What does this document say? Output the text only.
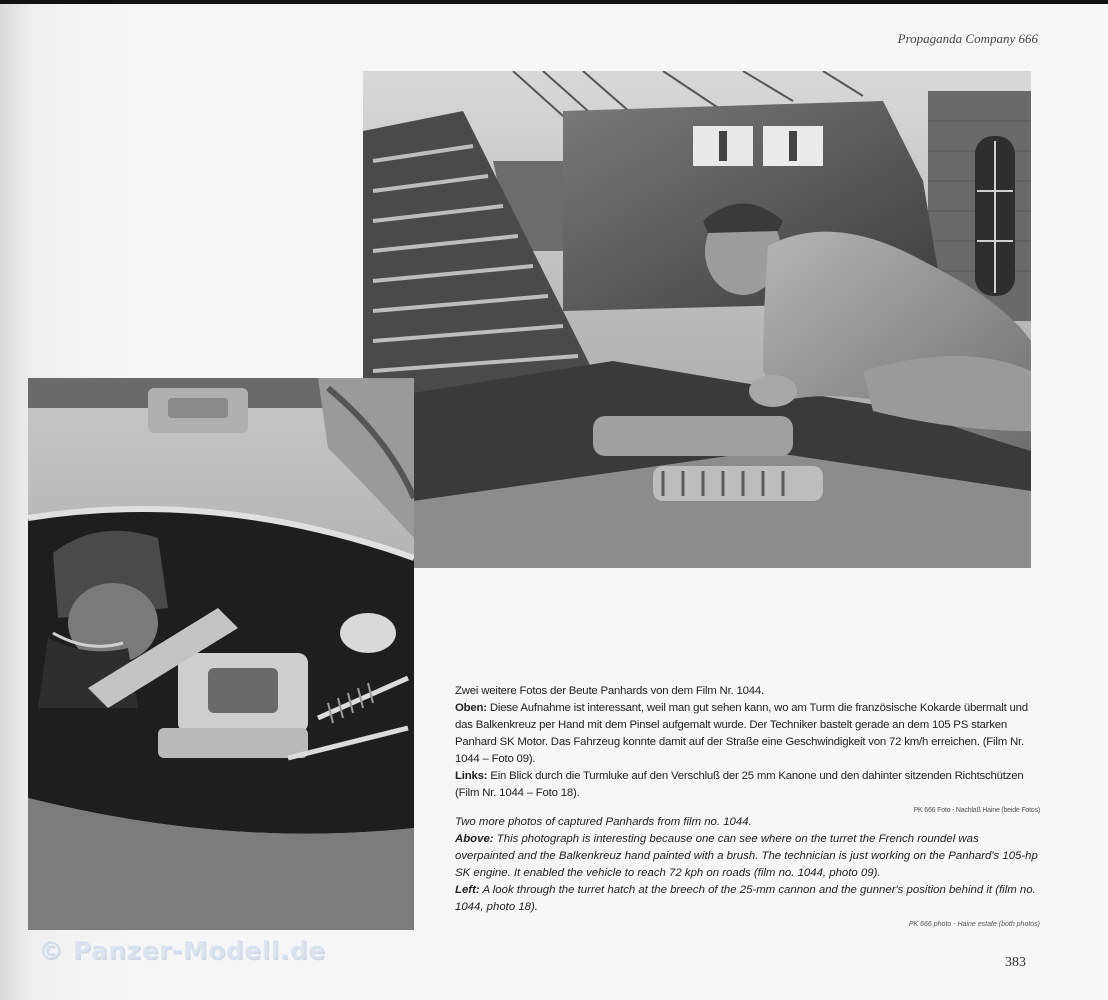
Propaganda Company 666

Zwei weitere Fotos der Beute Panhards von dem Film Nr. 1044.

Oben: Diese Aufnahme ist interessant, weil man gut sehen kann, wo am Turm die französische Kokarde übermalt und das Balkenkreuz per Hand mit dem Pinsel aufgemalt wurde. Der Techniker bastelt gerade an dem 105 PS starken Panhard SK Motor. Das Fahrzeug konnte damit auf der Straße eine Geschwindigkeit von 72 km/h erreichen. (Film Nr. 1044 – Foto 09).

Links: Ein Blick durch die Turmluke auf den Verschluß der 25 mm Kanone und den dahinter sitzenden Richtschützen (Film Nr. 1044 – Foto 18).

PK 666 Foto - Nachlaß Haine (beide Fotos)

Two more photos of captured Panhards from film no. 1044.

Above: This photograph is interesting because one can see where on the turret the French roundel was overpainted and the Balkenkreuz hand painted with a brush. The technician is just working on the Panhard's 105-hp SK engine. It enabled the vehicle to reach 72 kph on roads (film no. 1044, photo 09).

Left: A look through the turret hatch at the breech of the 25-mm cannon and the gunner's position behind it (film no. 1044, photo 18).

PK 666 photo - Haine estate (both photos)
© Panzer-Modell.de	383
